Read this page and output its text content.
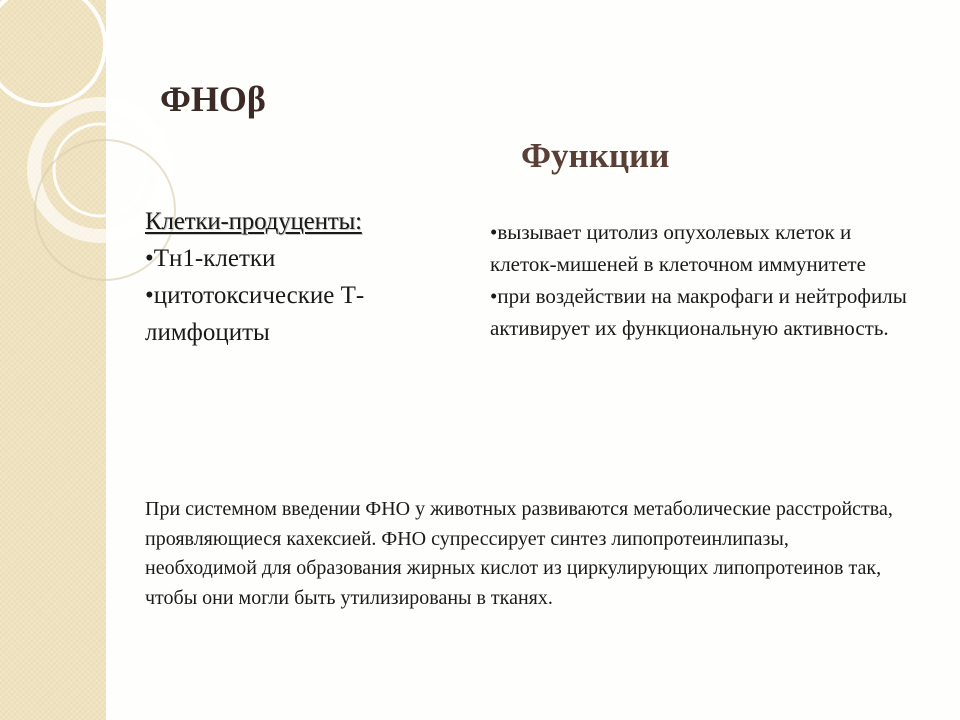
ФНОβ
Функции
Клетки-продуценты:
•Тн1-клетки
•цитотоксические Т-лимфоциты
•вызывает цитолиз опухолевых клеток и клеток-мишеней в клеточном иммунитете
•при воздействии на макрофаги и нейтрофилы активирует их функциональную активность.

При системном введении ФНО у животных развиваются метаболические расстройства, проявляющиеся кахексией. ФНО супрессирует синтез липопротеинлипазы, необходимой для образования жирных кислот из циркулирующих липопротеинов так, чтобы они могли быть утилизированы в тканях.
